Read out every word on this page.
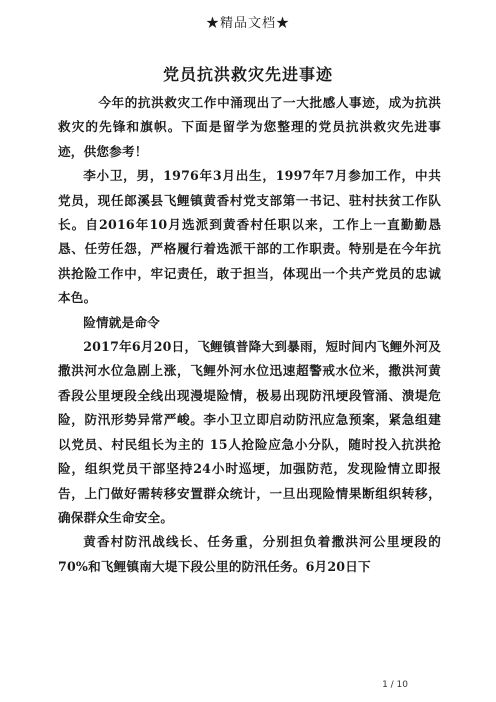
★精品文档★
党员抗洪救灾先进事迹

今年的抗洪救灾工作中涌现出了一大批感人事迹，成为抗洪救灾的先锋和旗帜。下面是留学为您整理的党员抗洪救灾先进事迹，供您参考！

李小卫，男，1976年3月出生，1997年7月参加工作，中共党员，现任郎溪县飞鲤镇黄香村党支部第一书记、驻村扶贫工作队长。自2016年10月选派到黄香村任职以来，工作上一直勤勤恳恳、任劳任怨，严格履行着选派干部的工作职责。特别是在今年抗洪抢险工作中，牢记责任，敢于担当，体现出一个共产党员的忠诚本色。

险情就是命令

2017年6月20日，飞鲤镇普降大到暴雨，短时间内飞鲤外河及撒洪河水位急剧上涨，飞鲤外河水位迅速超警戒水位米，撒洪河黄香段公里埂段全线出现漫堤险情，极易出现防汛埂段管涌、溃堤危险，防汛形势异常严峻。李小卫立即启动防汛应急预案，紧急组建以党员、村民组长为主的 15人抢险应急小分队，随时投入抗洪抢险，组织党员干部坚持24小时巡埂，加强防范，发现险情立即报告，上门做好需转移安置群众统计，一旦出现险情果断组织转移，确保群众生命安全。

黄香村防汛战线长、任务重，分别担负着撒洪河公里埂段的70%和飞鲤镇南大堤下段公里的防汛任务。6月20日下

1 / 10
